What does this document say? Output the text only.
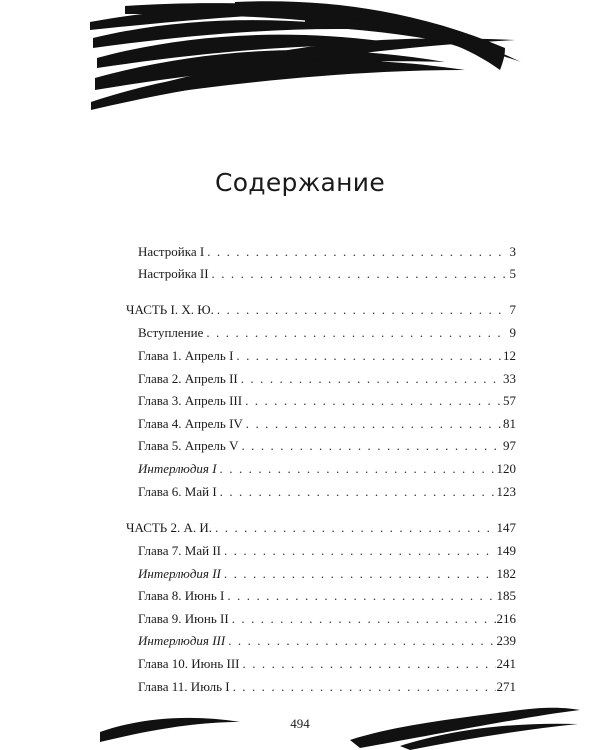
Содержание
Настройка I . . .	3
Настройка II . . .	5
ЧАСТЬ I. Х. Ю. . . .	7
Вступление . . .	9
Глава 1. Апрель I . . .	12
Глава 2. Апрель II . . .	33
Глава 3. Апрель III . . .	57
Глава 4. Апрель IV . . .	81
Глава 5. Апрель V . . .	97
Интерлюдия I . . .	120
Глава 6. Май I . . .	123
ЧАСТЬ 2. А. И. . . .	147
Глава 7. Май II . . .	149
Интерлюдия II . . .	182
Глава 8. Июнь I . . .	185
Глава 9. Июнь II . . .	216
Интерлюдия III . . .	239
Глава 10. Июнь III . . .	241
Глава 11. Июль I . . .	271
494
